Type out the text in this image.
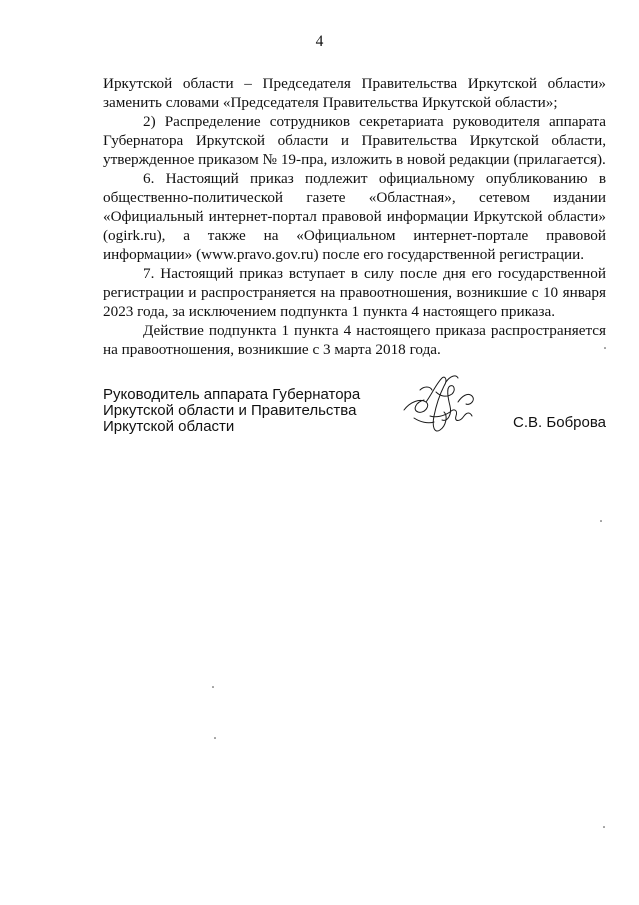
4

Иркутской области – Председателя Правительства Иркутской области» заменить словами «Председателя Правительства Иркутской области»;

2) Распределение сотрудников секретариата руководителя аппарата Губернатора Иркутской области и Правительства Иркутской области, утвержденное приказом № 19-пра, изложить в новой редакции (прилагается).

6. Настоящий приказ подлежит официальному опубликованию в общественно-политической газете «Областная», сетевом издании «Официальный интернет-портал правовой информации Иркутской области» (ogirk.ru), а также на «Официальном интернет-портале правовой информации» (www.pravo.gov.ru) после его государственной регистрации.

7. Настоящий приказ вступает в силу после дня его государственной регистрации и распространяется на правоотношения, возникшие с 10 января 2023 года, за исключением подпункта 1 пункта 4 настоящего приказа.

Действие подпункта 1 пункта 4 настоящего приказа распространяется на правоотношения, возникшие с 3 марта 2018 года.

Руководитель аппарата Губернатора
Иркутской области и Правительства
Иркутской области	С.В. Боброва
